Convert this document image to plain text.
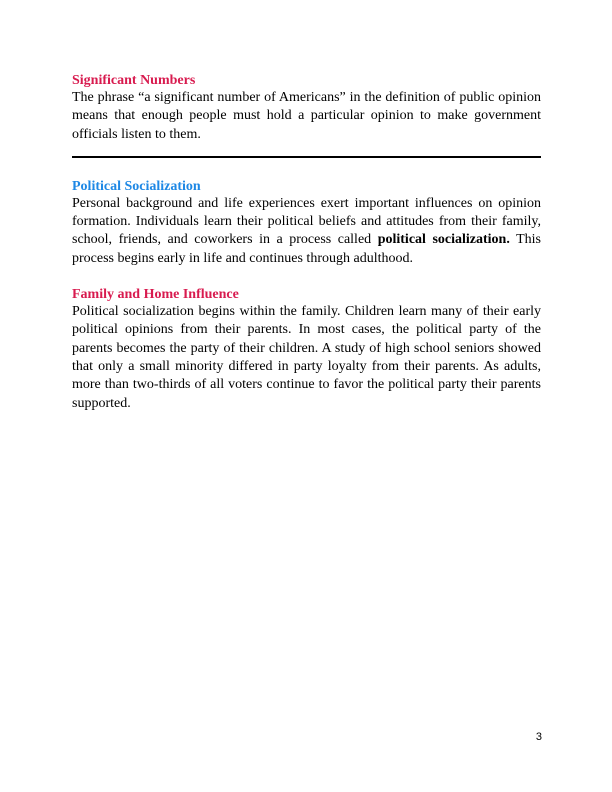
Significant Numbers

The phrase “a significant number of Americans” in the definition of public opinion means that enough people must hold a particular opinion to make government officials listen to them.

Political Socialization

Personal background and life experiences exert important influences on opinion formation. Individuals learn their political beliefs and attitudes from their family, school, friends, and coworkers in a process called political socialization. This process begins early in life and continues through adulthood.

Family and Home Influence

Political socialization begins within the family. Children learn many of their early political opinions from their parents. In most cases, the political party of the parents becomes the party of their children. A study of high school seniors showed that only a small minority differed in party loyalty from their parents. As adults, more than two-thirds of all voters continue to favor the political party their parents supported.

3
